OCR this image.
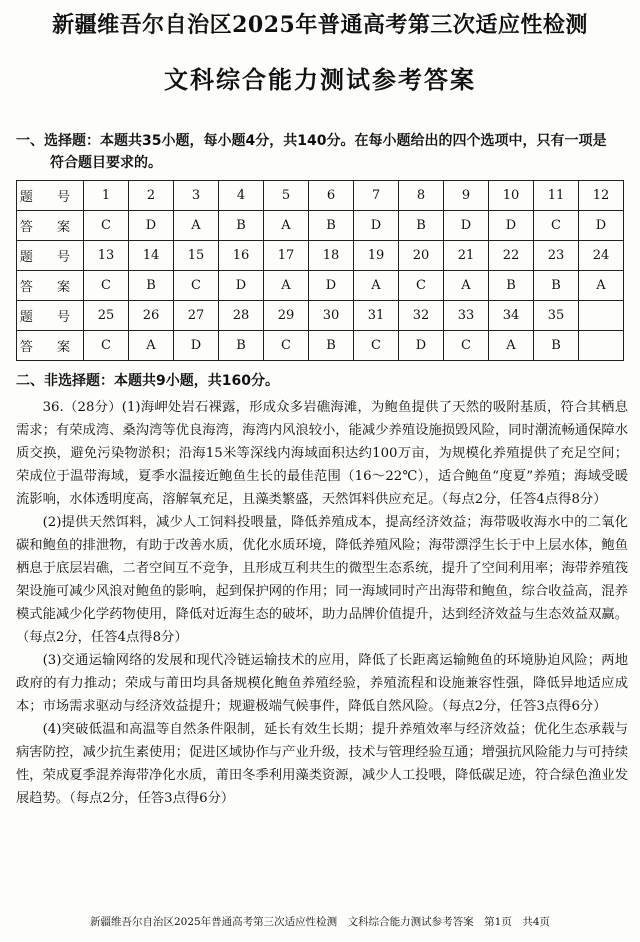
新疆维吾尔自治区2025年普通高考第三次适应性检测
文科综合能力测试参考答案
一、选择题：本题共35小题，每小题4分，共140分。在每小题给出的四个选项中，只有一项是
符合题目要求的。
题 号	1	2	3	4	5	6	7	8	9	10	11	12
答 案	C	D	A	B	A	B	D	B	D	D	C	D
题 号	13	14	15	16	17	18	19	20	21	22	23	24
答 案	C	B	C	D	A	D	A	C	A	B	B	A
题 号	25	26	27	28	29	30	31	32	33	34	35	
答 案	C	A	D	B	C	B	C	D	C	A	B	
二、非选择题：本题共9小题，共160分。

36.（28分）(1)海岬处岩石裸露，形成众多岩礁海滩，为鲍鱼提供了天然的吸附基质，符合其栖息需求；有荣成湾、桑沟湾等优良海湾，海湾内风浪较小，能减少养殖设施损毁风险，同时潮流畅通保障水质交换，避免污染物淤积；沿海15米等深线内海域面积达约100万亩，为规模化养殖提供了充足空间；荣成位于温带海域，夏季水温接近鲍鱼生长的最佳范围（16～22℃），适合鲍鱼“度夏”养殖；海域受暖流影响，水体透明度高，溶解氧充足，且藻类繁盛，天然饵料供应充足。（每点2分，任答4点得8分）

(2)提供天然饵料，减少人工饲料投喂量，降低养殖成本，提高经济效益；海带吸收海水中的二氧化碳和鲍鱼的排泄物，有助于改善水质，优化水质环境，降低养殖风险；海带漂浮生长于中上层水体，鲍鱼栖息于底层岩礁，二者空间互不竞争，且形成互利共生的微型生态系统，提升了空间利用率；海带养殖筏架设施可减少风浪对鲍鱼的影响，起到保护网的作用；同一海域同时产出海带和鲍鱼，综合收益高，混养模式能减少化学药物使用，降低对近海生态的破坏，助力品牌价值提升，达到经济效益与生态效益双赢。（每点2分，任答4点得8分）

(3)交通运输网络的发展和现代冷链运输技术的应用，降低了长距离运输鲍鱼的环境胁迫风险；两地政府的有力推动；荣成与莆田均具备规模化鲍鱼养殖经验，养殖流程和设施兼容性强，降低异地适应成本；市场需求驱动与经济效益提升；规避极端气候事件，降低自然风险。（每点2分，任答3点得6分）

(4)突破低温和高温等自然条件限制，延长有效生长期；提升养殖效率与经济效益；优化生态承载与病害防控，减少抗生素使用；促进区域协作与产业升级，技术与管理经验互通；增强抗风险能力与可持续性，荣成夏季混养海带净化水质，莆田冬季利用藻类资源，减少人工投喂，降低碳足迹，符合绿色渔业发展趋势。（每点2分，任答3点得6分）

新疆维吾尔自治区2025年普通高考第三次适应性检测　文科综合能力测试参考答案　第1页　共4页
